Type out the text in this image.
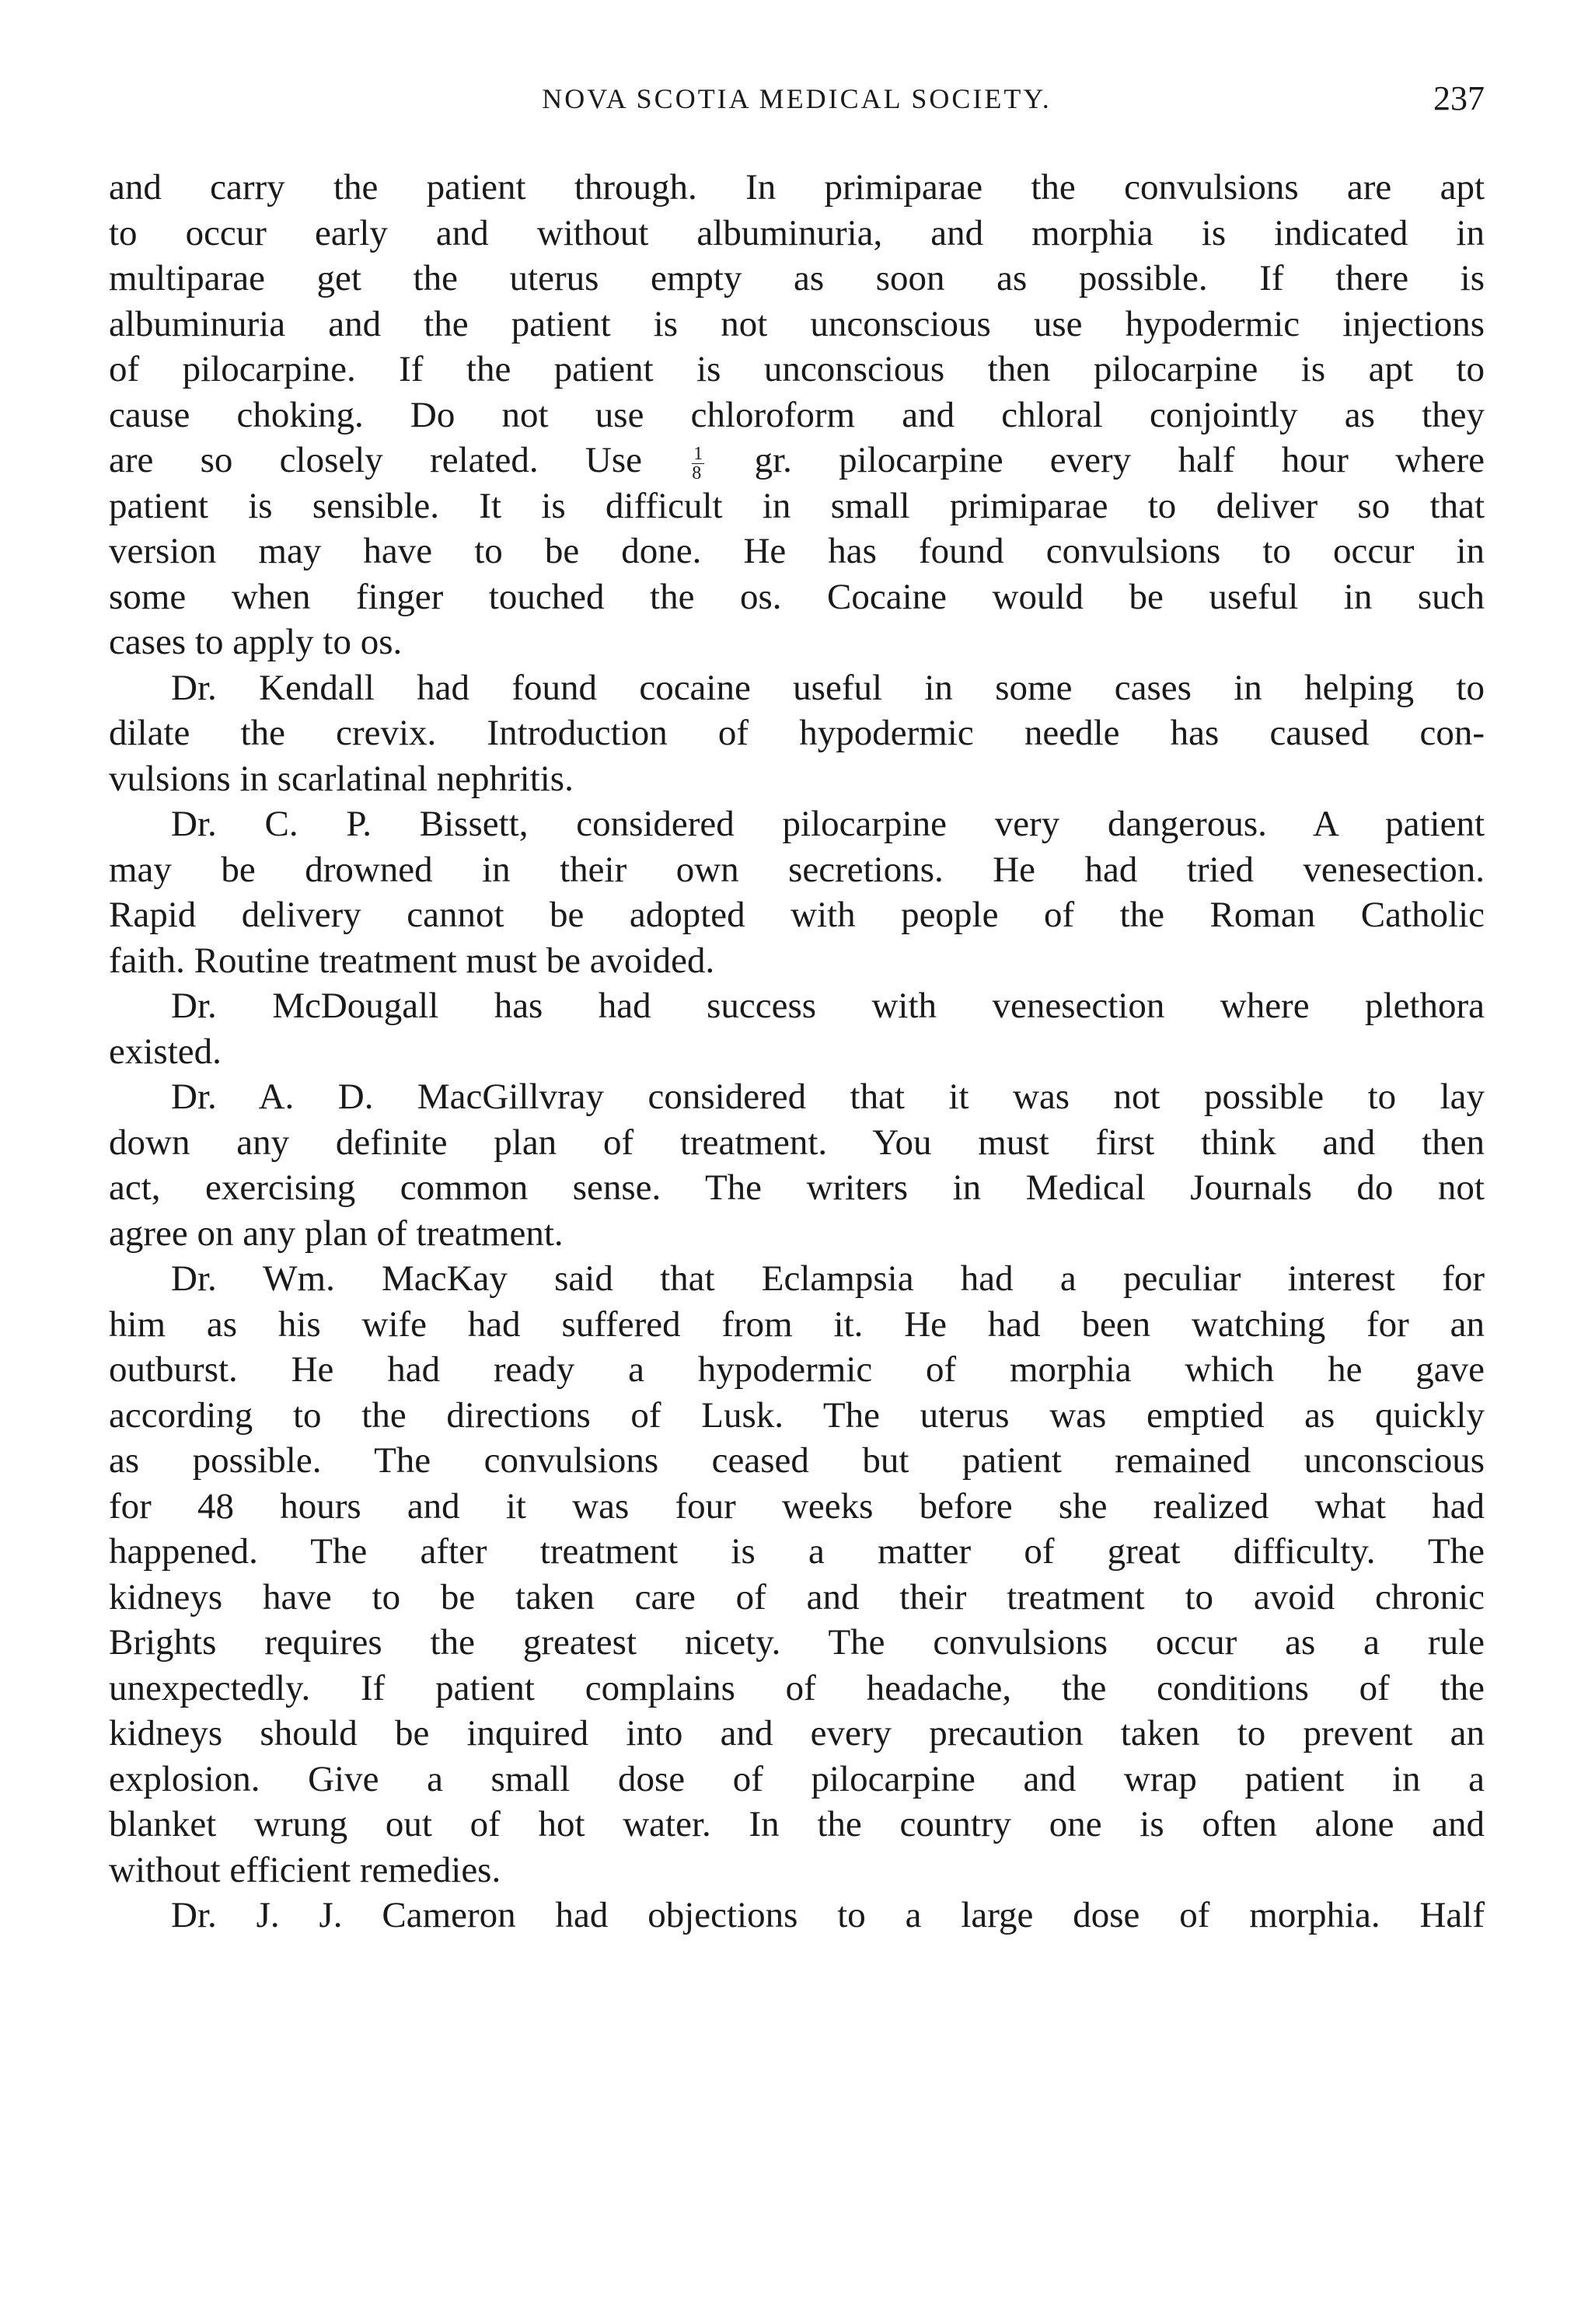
NOVA SCOTIA MEDICAL SOCIETY.	237
and carry the patient through. In primiparae the convulsions are apt
to occur early and without albuminuria, and morphia is indicated in
multiparae get the uterus empty as soon as possible. If there is
albuminuria and the patient is not unconscious use hypodermic injections
of pilocarpine. If the patient is unconscious then pilocarpine is apt to
cause choking. Do not use chloroform and chloral conjointly as they
are so closely related. Use	$\frac{1}{8}$ gr. pilocarpine every half hour where
patient is sensible. It is difficult in small primiparae to deliver so that
version may have to be done. He has found convulsions to occur in
some when finger touched the os. Cocaine would be useful in such
cases to apply to os.
Dr. Kendall had found cocaine useful in some cases in helping to
dilate the crevix. Introduction of hypodermic needle has caused con-
vulsions in scarlatinal nephritis.
Dr. C. P. Bissett, considered pilocarpine very dangerous. A patient
may be drowned in their own secretions. He had tried venesection.
Rapid delivery cannot be adopted with people of the Roman Catholic
faith. Routine treatment must be avoided.
Dr. McDougall has had success with venesection where plethora
existed.
Dr. A. D. MacGillvray considered that it was not possible to lay
down any definite plan of treatment. You must first think and then
act, exercising common sense. The writers in Medical Journals do not
agree on any plan of treatment.
Dr. Wm. MacKay said that Eclampsia had a peculiar interest for
him as his wife had suffered from it. He had been watching for an
outburst. He had ready a hypodermic of morphia which he gave
according to the directions of Lusk. The uterus was emptied as quickly
as possible. The convulsions ceased but patient remained unconscious
for 48 hours and it was four weeks before she realized what had
happened. The after treatment is a matter of great difficulty. The
kidneys have to be taken care of and their treatment to avoid chronic
Brights requires the greatest nicety. The convulsions occur as a rule
unexpectedly. If patient complains of headache, the conditions of the
kidneys should be inquired into and every precaution taken to prevent an
explosion. Give a small dose of pilocarpine and wrap patient in a
blanket wrung out of hot water. In the country one is often alone and
without efficient remedies.
Dr. J. J. Cameron had objections to a large dose of morphia. Half
